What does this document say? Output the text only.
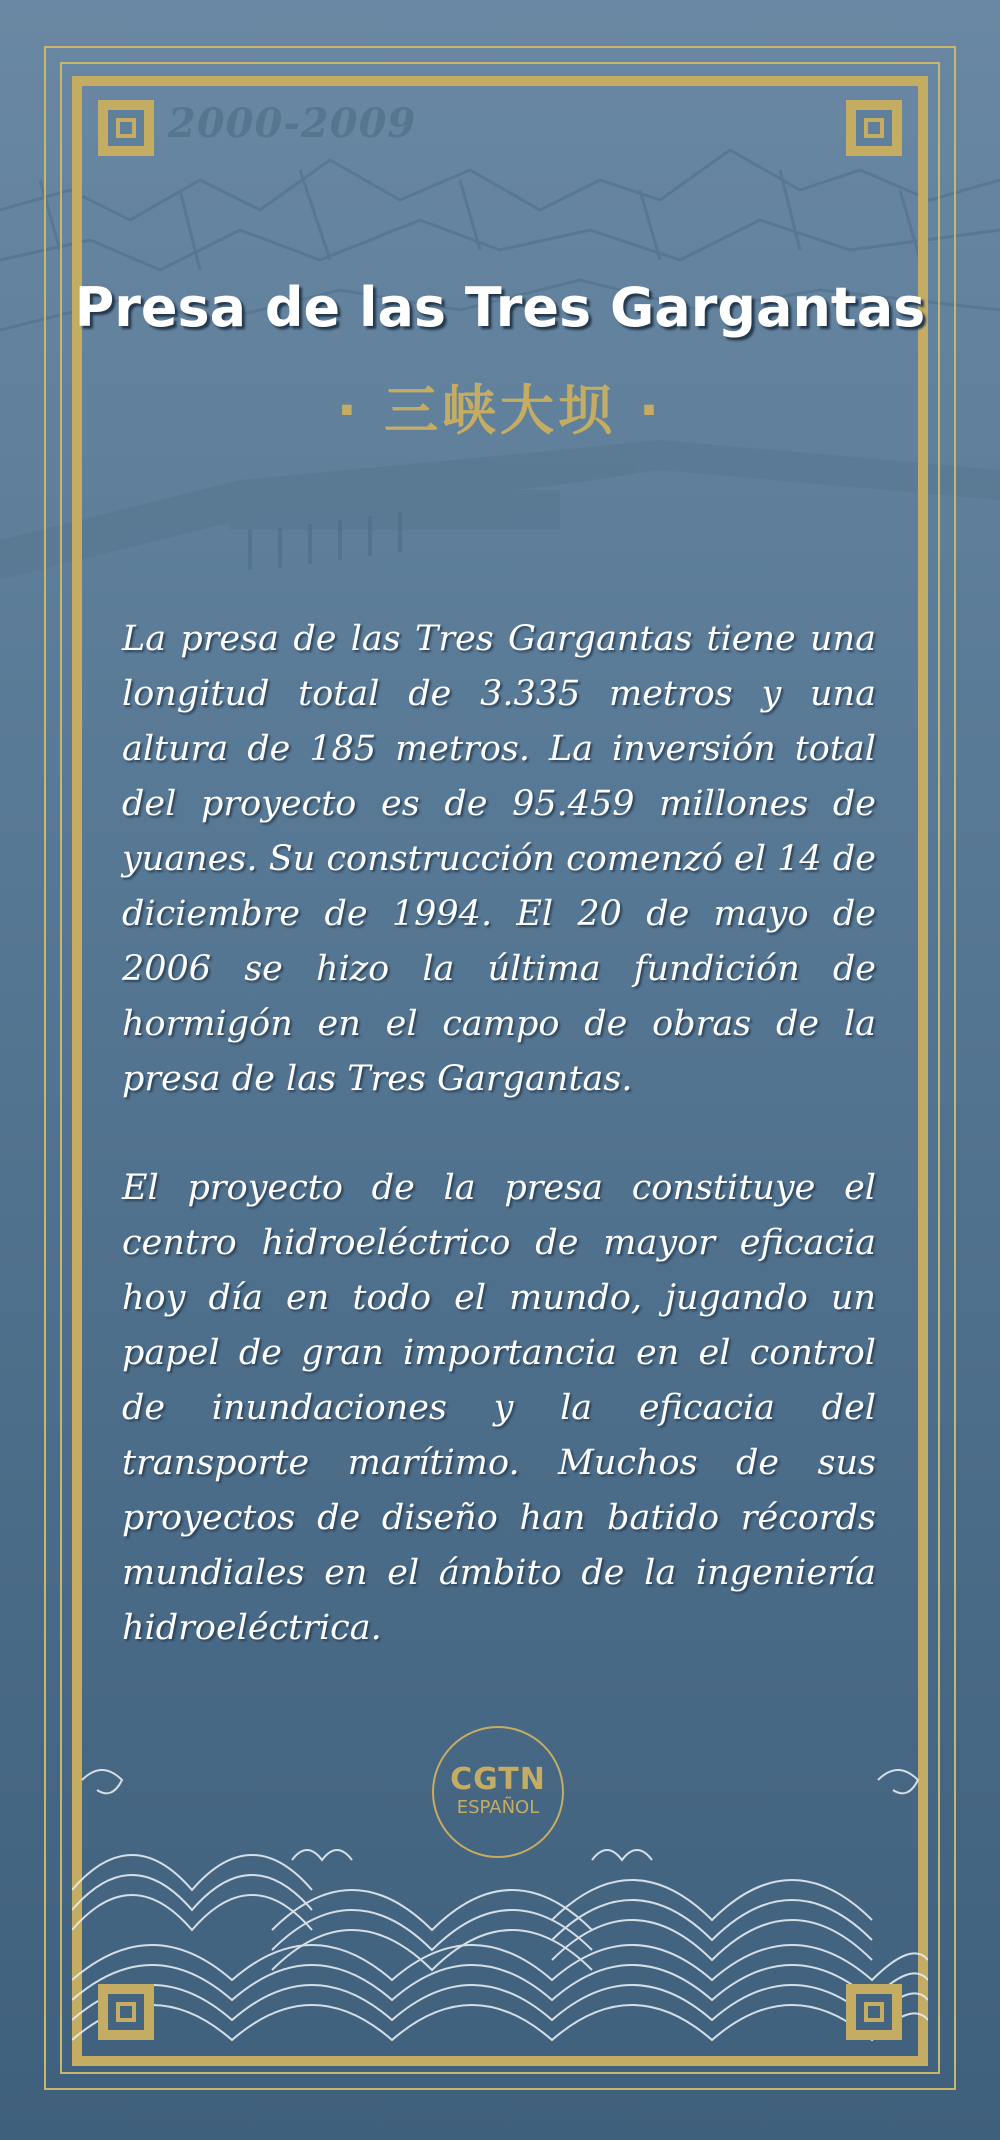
2000-2009
Presa de las Tres Gargantas
· 三峡大坝 ·

La presa de las Tres Gargantas tiene una longitud total de 3.335 metros y una altura de 185 metros. La inversión total del proyecto es de 95.459 millones de yuanes. Su construcción comenzó el 14 de diciembre de 1994. El 20 de mayo de 2006 se hizo la última fundición de hormigón en el campo de obras de la presa de las Tres Gargantas.

El proyecto de la presa constituye el centro hidroeléctrico de mayor eficacia hoy día en todo el mundo, jugando un papel de gran importancia en el control de inundaciones y la eficacia del transporte marítimo. Muchos de sus proyectos de diseño han batido récords mundiales en el ámbito de la ingeniería hidroeléctrica.

CGTN
ESPAÑOL
